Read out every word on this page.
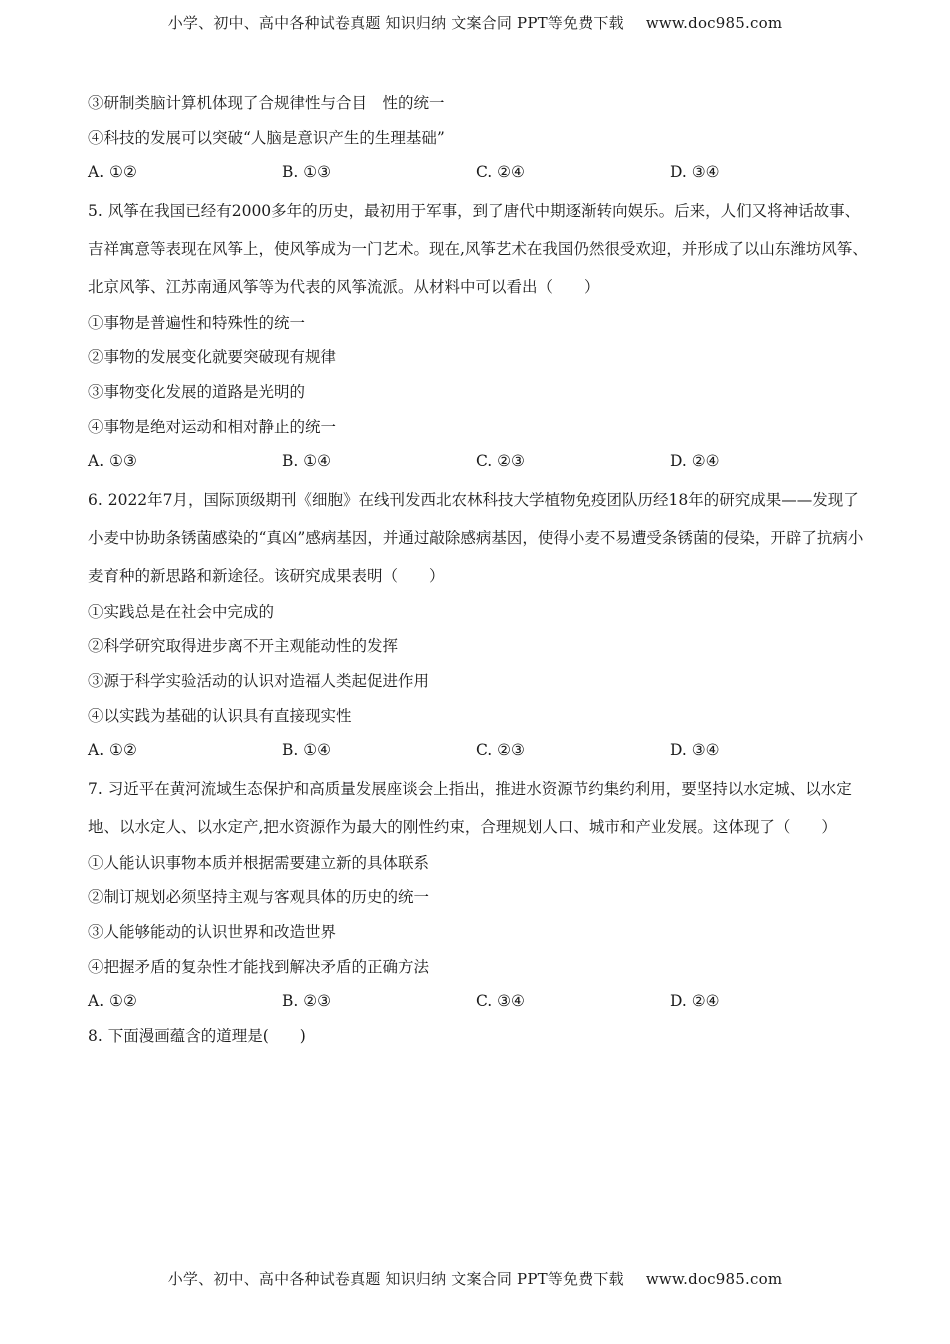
小学、初中、高中各种试卷真题 知识归纳 文案合同 PPT等免费下载 www.doc985.com
③研制类脑计算机体现了合规律性与合目　性的统一
④科技的发展可以突破“人脑是意识产生的生理基础”
A. ①②	B. ①③	C. ②④	D. ③④
5. 风筝在我国已经有2000多年的历史，最初用于军事，到了唐代中期逐渐转向娱乐。后来，人们又将神话故事、吉祥寓意等表现在风筝上，使风筝成为一门艺术。现在,风筝艺术在我国仍然很受欢迎，并形成了以山东潍坊风筝、北京风筝、江苏南通风筝等为代表的风筝流派。从材料中可以看出（　　）
①事物是普遍性和特殊性的统一
②事物的发展变化就要突破现有规律
③事物变化发展的道路是光明的
④事物是绝对运动和相对静止的统一
A. ①③	B. ①④	C. ②③	D. ②④
6. 2022年7月，国际顶级期刊《细胞》在线刊发西北农林科技大学植物免疫团队历经18年的研究成果——发现了小麦中协助条锈菌感染的“真凶”感病基因，并通过敲除感病基因，使得小麦不易遭受条锈菌的侵染，开辟了抗病小麦育种的新思路和新途径。该研究成果表明（　　）
①实践总是在社会中完成的
②科学研究取得进步离不开主观能动性的发挥
③源于科学实验活动的认识对造福人类起促进作用
④以实践为基础的认识具有直接现实性
A. ①②	B. ①④	C. ②③	D. ③④
7. 习近平在黄河流域生态保护和高质量发展座谈会上指出，推进水资源节约集约利用，要坚持以水定城、以水定地、以水定人、以水定产,把水资源作为最大的刚性约束，合理规划人口、城市和产业发展。这体现了（　　）
①人能认识事物本质并根据需要建立新的具体联系
②制订规划必须坚持主观与客观具体的历史的统一
③人能够能动的认识世界和改造世界
④把握矛盾的复杂性才能找到解决矛盾的正确方法
A. ①②	B. ②③	C. ③④	D. ②④
8. 下面漫画蕴含的道理是(　　)
小学、初中、高中各种试卷真题 知识归纳 文案合同 PPT等免费下载 www.doc985.com
